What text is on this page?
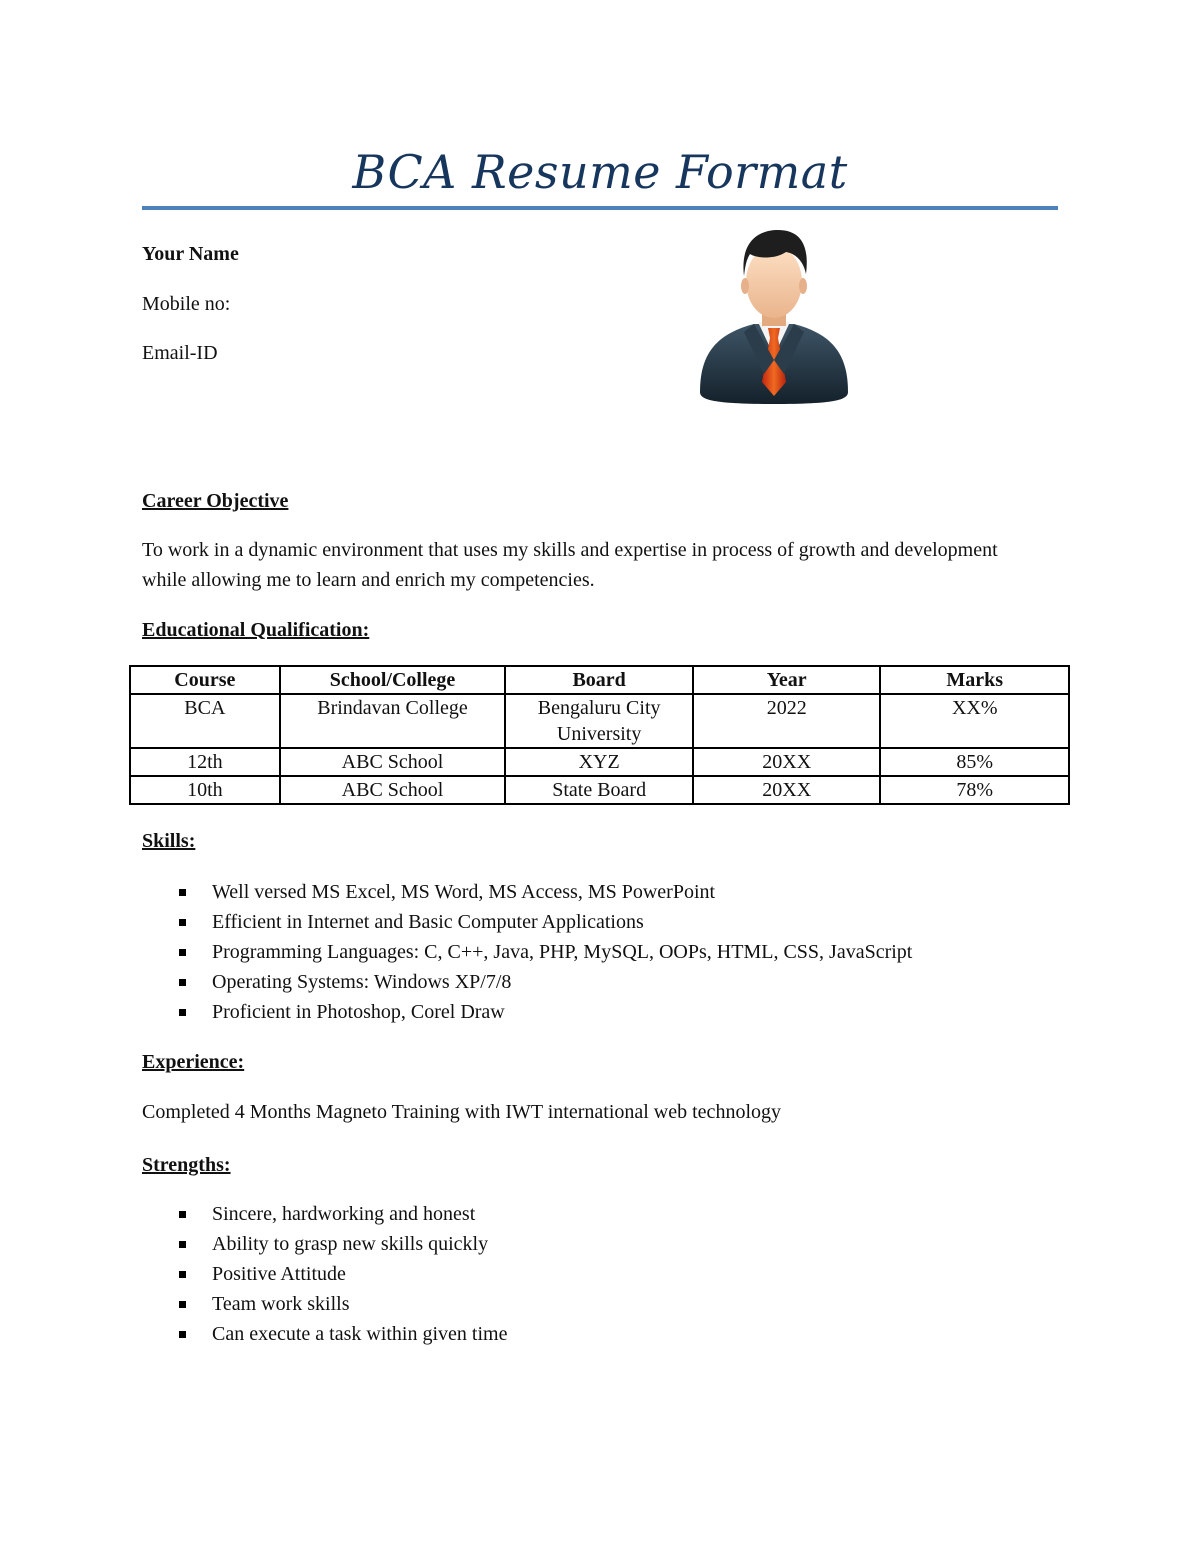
BCA Resume Format
Your Name
Mobile no:
Email-ID
Career Objective
To work in a dynamic environment that uses my skills and expertise in process of growth and development while allowing me to learn and enrich my competencies.
Educational Qualification:
Course	School/College	Board	Year	Marks
BCA	Brindavan College	Bengaluru City University	2022	XX%
12th	ABC School	XYZ	20XX	85%
10th	ABC School	State Board	20XX	78%
Skills:
Well versed MS Excel, MS Word, MS Access, MS PowerPoint
Efficient in Internet and Basic Computer Applications
Programming Languages: C, C++, Java, PHP, MySQL, OOPs, HTML, CSS, JavaScript
Operating Systems: Windows XP/7/8
Proficient in Photoshop, Corel Draw
Experience:
Completed 4 Months Magneto Training with IWT international web technology
Strengths:
Sincere, hardworking and honest
Ability to grasp new skills quickly
Positive Attitude
Team work skills
Can execute a task within given time
